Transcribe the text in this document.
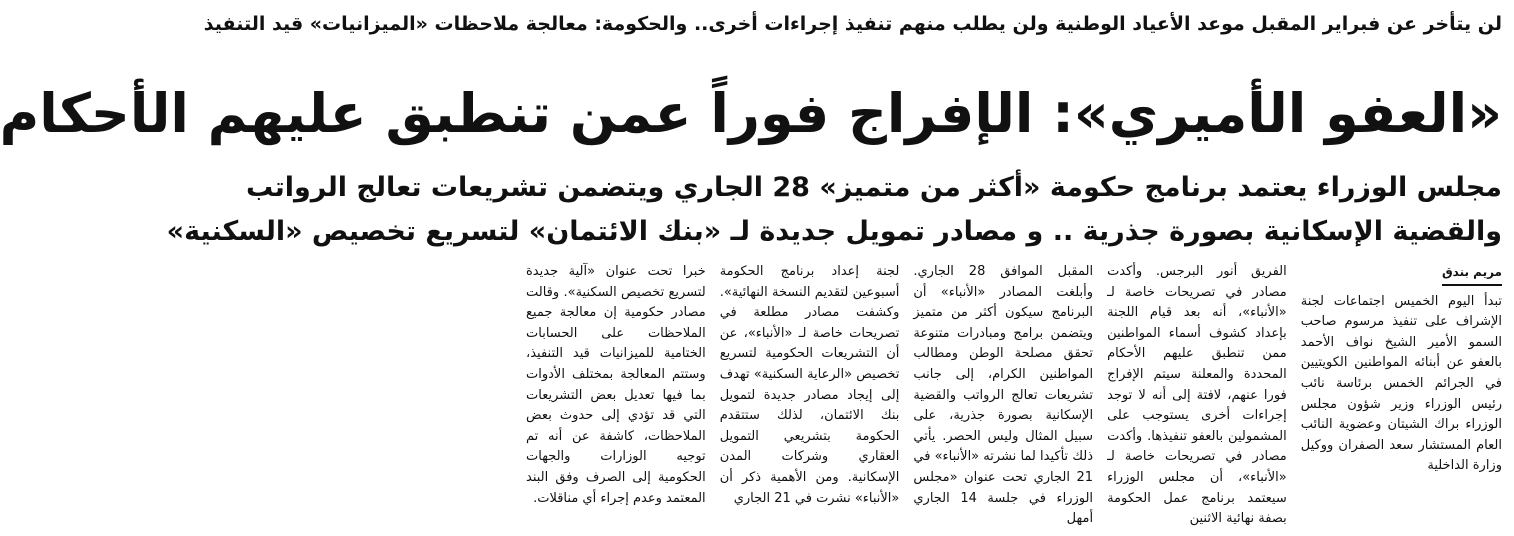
لن يتأخر عن فبراير المقبل موعد الأعياد الوطنية ولن يطلب منهم تنفيذ إجراءات أخرى.. والحكومة: معالجة ملاحظات «الميزانيات» قيد التنفيذ
«العفو الأميري»: الإفراج فوراً عمن تنطبق عليهم الأحكام
مجلس الوزراء يعتمد برنامج حكومة «أكثر من متميز» 28 الجاري ويتضمن تشريعات تعالج الرواتب
والقضية الإسكانية بصورة جذرية .. و مصادر تمويل جديدة لـ «بنك الائتمان» لتسريع تخصيص «السكنية»
مريم بندق

تبدأ اليوم الخميس اجتماعات لجنة الإشراف على تنفيذ مرسوم صاحب السمو الأمير الشيخ نواف الأحمد بالعفو عن أبنائه المواطنين الكويتيين في الجرائم الخمس برئاسة نائب رئيس الوزراء وزير شؤون مجلس الوزراء براك الشيتان وعضوية النائب العام المستشار سعد الصفران ووكيل وزارة الداخلية

الفريق أنور البرجس. وأكدت مصادر في تصريحات خاصة لـ «الأنباء»، أنه بعد قيام اللجنة بإعداد كشوف أسماء المواطنين ممن تنطبق عليهم الأحكام المحددة والمعلنة سيتم الإفراج فورا عنهم، لافتة إلى أنه لا توجد إجراءات أخرى يستوجب على المشمولين بالعفو تنفيذها. وأكدت مصادر في تصريحات خاصة لـ «الأنباء»، أن مجلس الوزراء سيعتمد برنامج عمل الحكومة بصفة نهائية الاثنين

المقبل الموافق 28 الجاري. وأبلغت المصادر «الأنباء» أن البرنامج سيكون أكثر من متميز ويتضمن برامج ومبادرات متنوعة تحقق مصلحة الوطن ومطالب المواطنين الكرام، إلى جانب تشريعات تعالج الرواتب والقضية الإسكانية بصورة جذرية، على سبيل المثال وليس الحصر. يأتي ذلك تأكيدا لما نشرته «الأنباء» في 21 الجاري تحت عنوان «مجلس الوزراء في جلسة 14 الجاري أمهل

لجنة إعداد برنامج الحكومة أسبوعين لتقديم النسخة النهائية». وكشفت مصادر مطلعة في تصريحات خاصة لـ «الأنباء»، عن أن التشريعات الحكومية لتسريع تخصيص «الرعاية السكنية» تهدف إلى إيجاد مصادر جديدة لتمويل بنك الائتمان، لذلك ستتقدم الحكومة بتشريعي التمويل العقاري وشركات المدن الإسكانية. ومن الأهمية ذكر أن «الأنباء» نشرت في 21 الجاري

خبرا تحت عنوان «آلية جديدة لتسريع تخصيص السكنية». وقالت مصادر حكومية إن معالجة جميع الملاحظات على الحسابات الختامية للميزانيات قيد التنفيذ، وستتم المعالجة بمختلف الأدوات بما فيها تعديل بعض التشريعات التي قد تؤدي إلى حدوث بعض الملاحظات، كاشفة عن أنه تم توجيه الوزارات والجهات الحكومية إلى الصرف وفق البند المعتمد وعدم إجراء أي مناقلات.
